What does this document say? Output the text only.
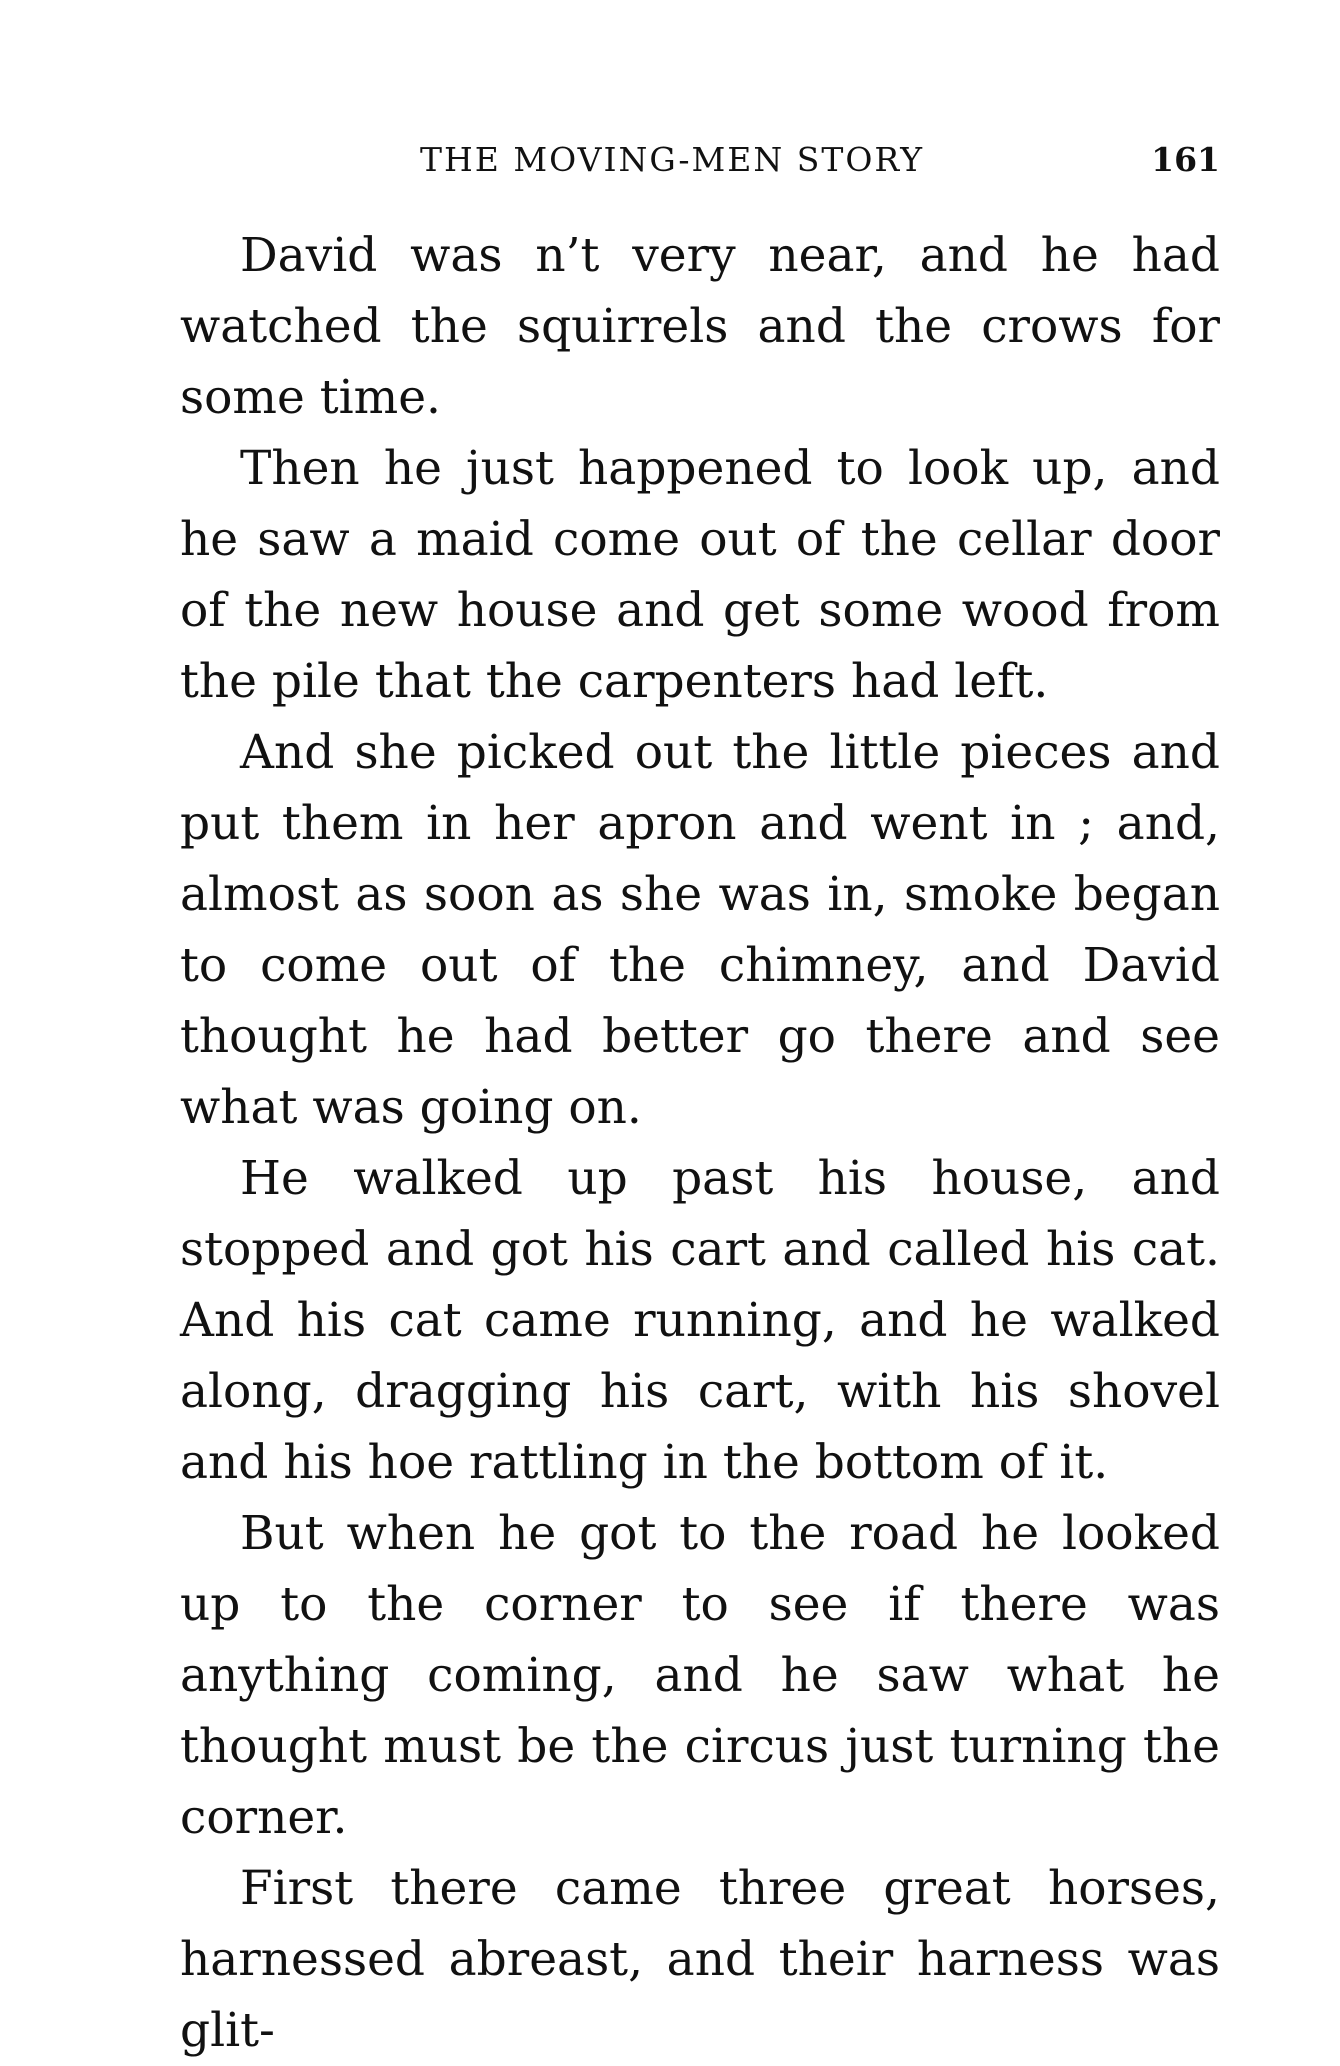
THE MOVING-MEN STORY	161

David was n’t very near, and he had watched the squirrels and the crows for some time.

Then he just happened to look up, and he saw a maid come out of the cellar door of the new house and get some wood from the pile that the carpenters had left.

And she picked out the little pieces and put them in her apron and went in ; and, almost as soon as she was in, smoke began to come out of the chimney, and David thought he had better go there and see what was going on.

He walked up past his house, and stopped and got his cart and called his cat. And his cat came running, and he walked along, dragging his cart, with his shovel and his hoe rattling in the bottom of it.

But when he got to the road he looked up to the corner to see if there was anything coming, and he saw what he thought must be the circus just turning the corner.

First there came three great horses, harnessed abreast, and their harness was glit-
